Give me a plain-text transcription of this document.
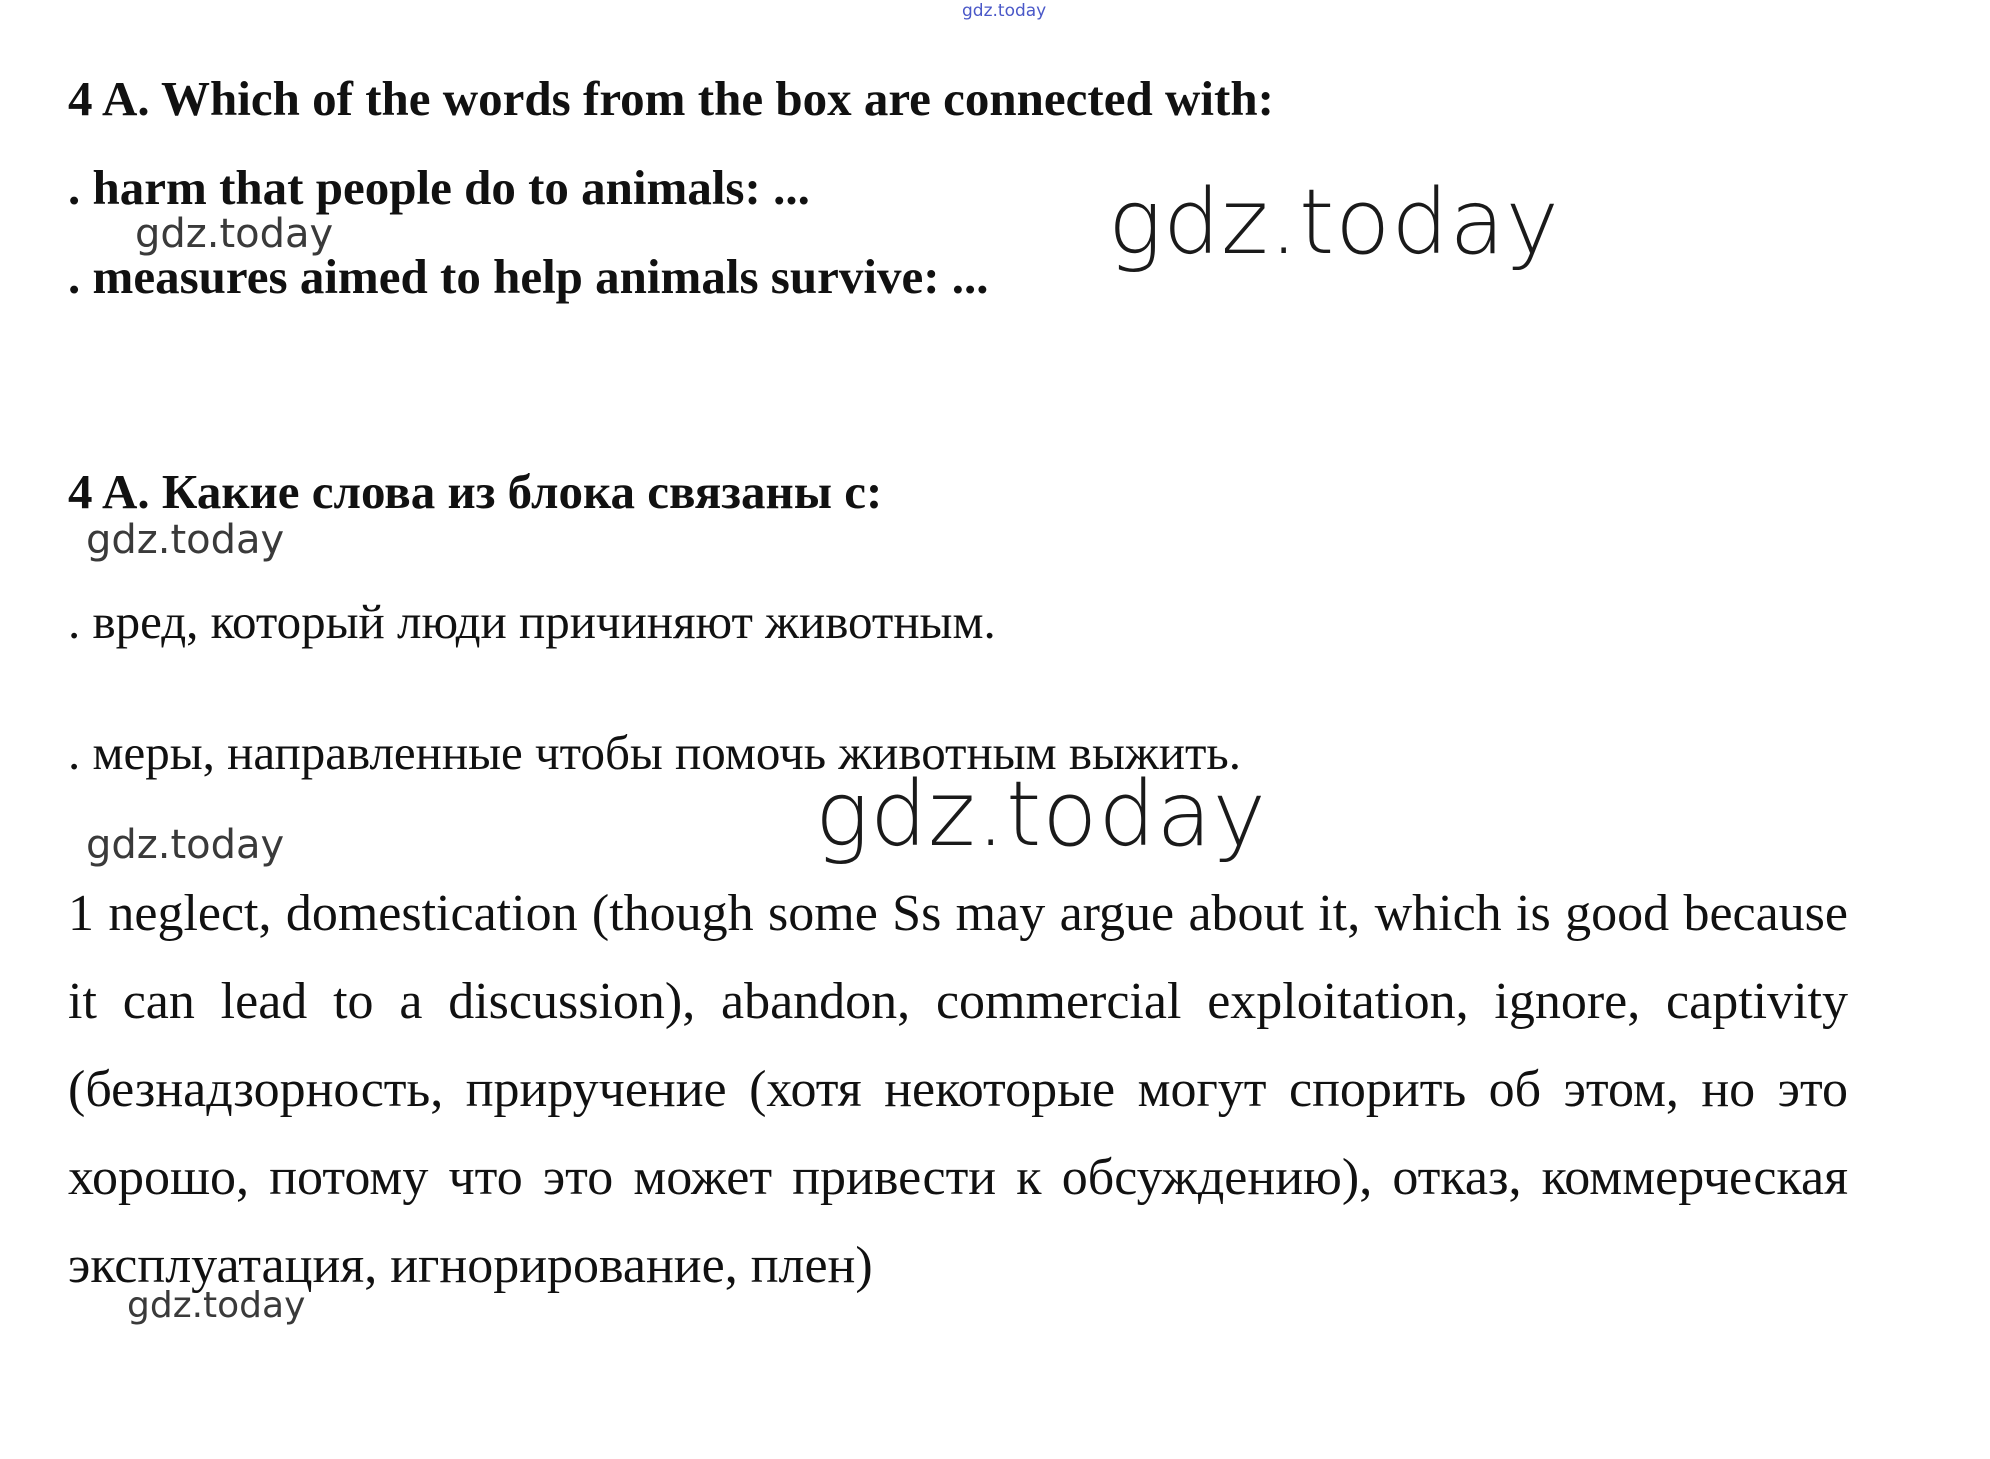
4 A. Which of the words from the box are connected with:
. harm that people do to animals: ...
. measures aimed to help animals survive: ...
4 A. Какие слова из блока связаны с:
. вред, который люди причиняют животным.
. меры, направленные чтобы помочь животным выжить.
1 neglect, domestication (though some Ss may argue about it, which is good because it can lead to a discussion), abandon, commercial exploitation, ignore, captivity (безнадзорность, приручение (хотя некоторые могут спорить об этом, но это хорошо, потому что это может привести к обсуждению), отказ, коммерческая эксплуатация, игнорирование, плен)
gdz.today
gdz.today
gdz.today
gdz.today
gdz.today
gdz.today
gdz.today
